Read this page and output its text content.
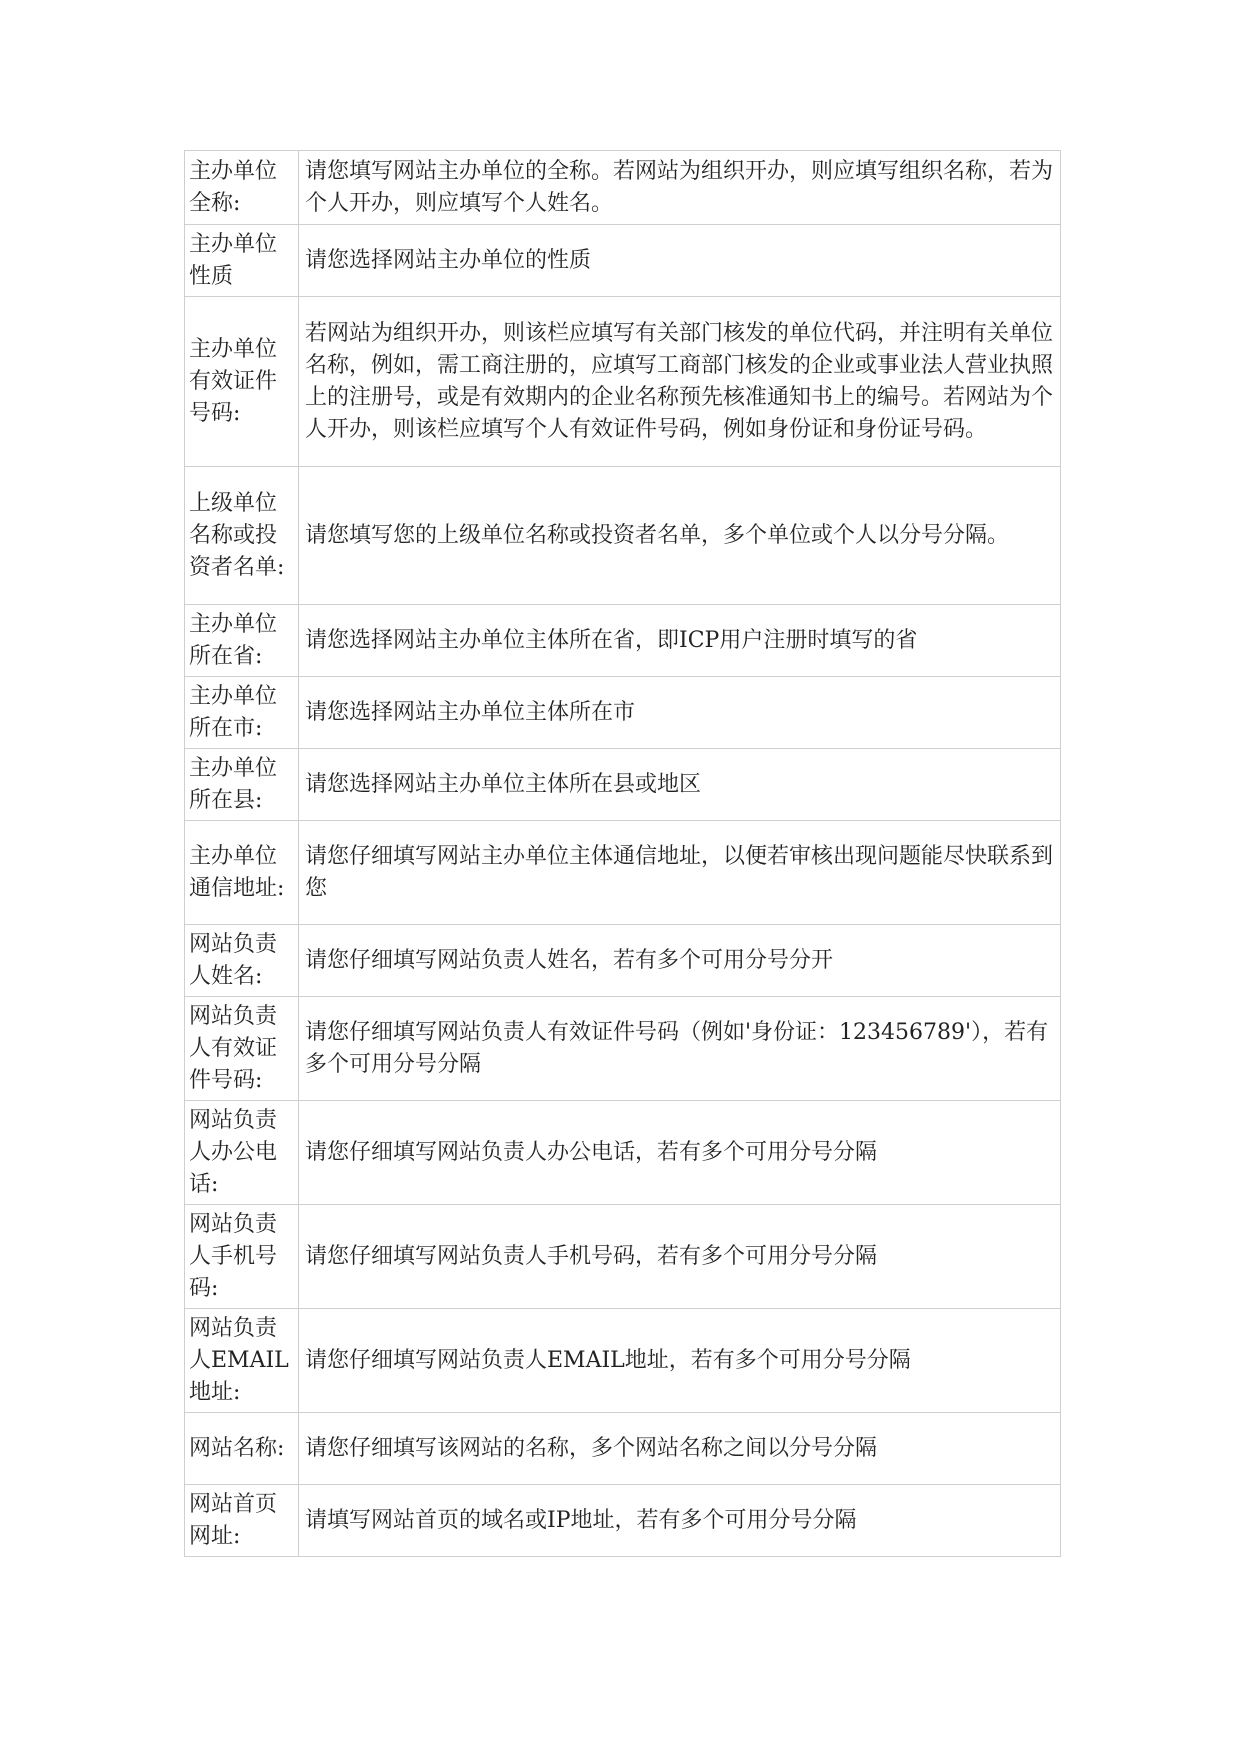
主办单位全称:	请您填写网站主办单位的全称。若网站为组织开办，则应填写组织名称，若为个人开办，则应填写个人姓名。
主办单位性质	请您选择网站主办单位的性质
主办单位有效证件号码:	若网站为组织开办，则该栏应填写有关部门核发的单位代码，并注明有关单位名称，例如，需工商注册的，应填写工商部门核发的企业或事业法人营业执照上的注册号，或是有效期内的企业名称预先核准通知书上的编号。若网站为个人开办，则该栏应填写个人有效证件号码，例如身份证和身份证号码。
上级单位名称或投资者名单:	请您填写您的上级单位名称或投资者名单，多个单位或个人以分号分隔。
主办单位所在省:	请您选择网站主办单位主体所在省，即ICP用户注册时填写的省
主办单位所在市:	请您选择网站主办单位主体所在市
主办单位所在县:	请您选择网站主办单位主体所在县或地区
主办单位通信地址:	请您仔细填写网站主办单位主体通信地址，以便若审核出现问题能尽快联系到您
网站负责人姓名:	请您仔细填写网站负责人姓名，若有多个可用分号分开
网站负责人有效证件号码:	请您仔细填写网站负责人有效证件号码（例如'身份证：123456789'），若有多个可用分号分隔
网站负责人办公电话:	请您仔细填写网站负责人办公电话，若有多个可用分号分隔
网站负责人手机号码:	请您仔细填写网站负责人手机号码，若有多个可用分号分隔
网站负责人EMAIL地址:	请您仔细填写网站负责人EMAIL地址，若有多个可用分号分隔
网站名称:	请您仔细填写该网站的名称，多个网站名称之间以分号分隔
网站首页网址:	请填写网站首页的域名或IP地址，若有多个可用分号分隔
